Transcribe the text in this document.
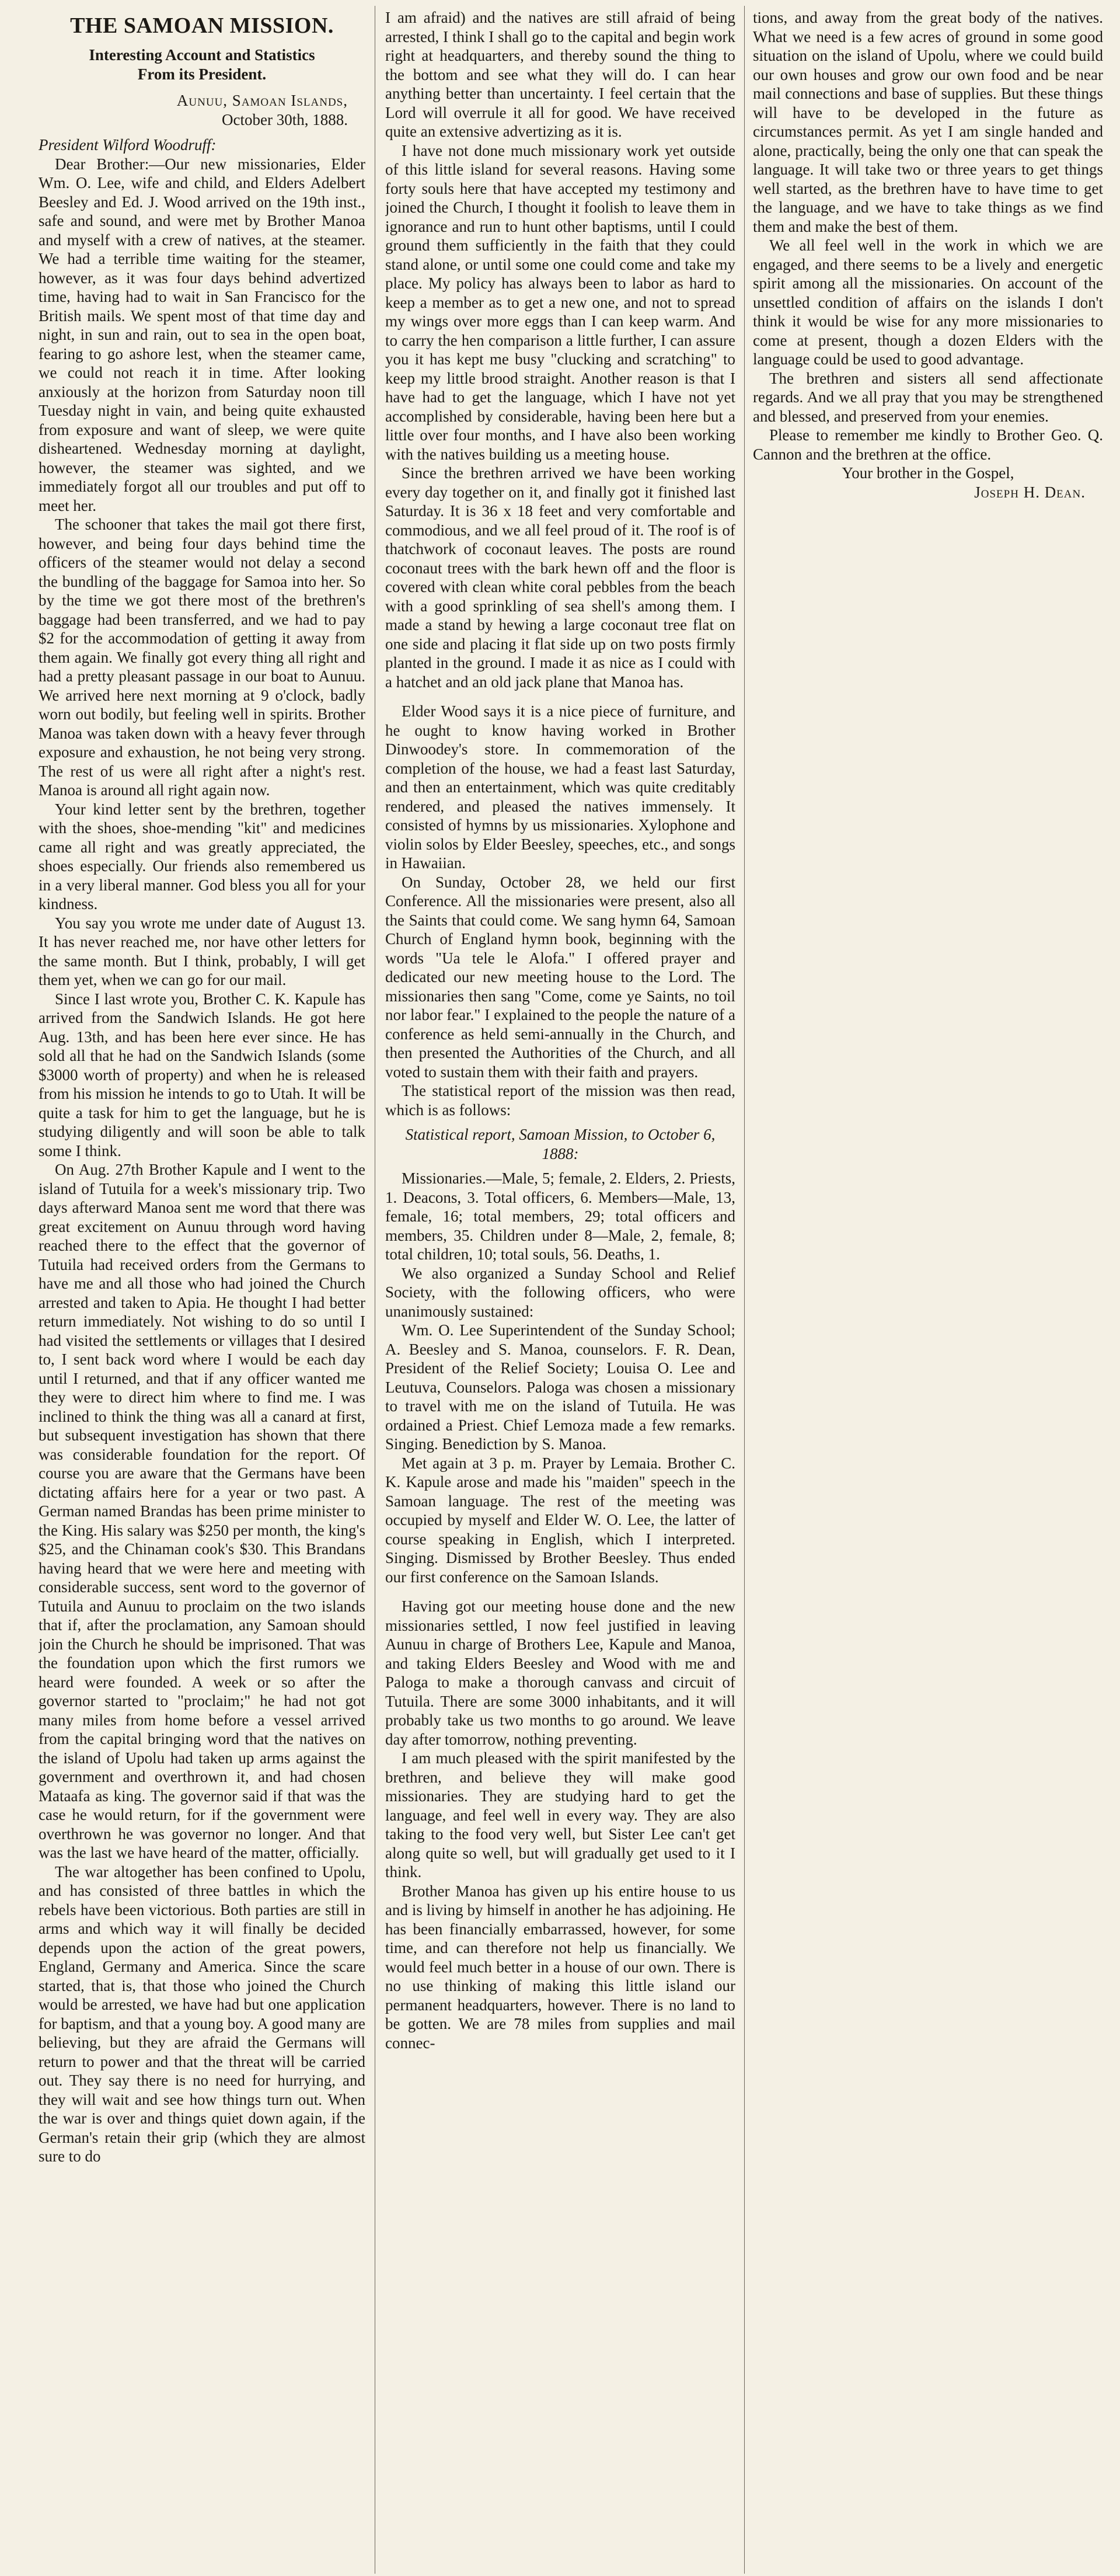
THE SAMOAN MISSION.
Interesting Account and Statistics
From its President.

Aunuu, Samoan Islands,

October 30th, 1888.

President Wilford Woodruff:

Dear Brother:—Our new missionaries, Elder Wm. O. Lee, wife and child, and Elders Adelbert Beesley and Ed. J. Wood arrived on the 19th inst., safe and sound, and were met by Brother Manoa and myself with a crew of natives, at the steamer. We had a terrible time waiting for the steamer, however, as it was four days behind advertized time, having had to wait in San Francisco for the British mails. We spent most of that time day and night, in sun and rain, out to sea in the open boat, fearing to go ashore lest, when the steamer came, we could not reach it in time. After looking anxiously at the horizon from Saturday noon till Tuesday night in vain, and being quite exhausted from exposure and want of sleep, we were quite disheartened. Wednesday morning at daylight, however, the steamer was sighted, and we immediately forgot all our troubles and put off to meet her.

The schooner that takes the mail got there first, however, and being four days behind time the officers of the steamer would not delay a second the bundling of the baggage for Samoa into her. So by the time we got there most of the brethren's baggage had been transferred, and we had to pay $2 for the accommodation of getting it away from them again. We finally got every thing all right and had a pretty pleasant passage in our boat to Aunuu. We arrived here next morning at 9 o'clock, badly worn out bodily, but feeling well in spirits. Brother Manoa was taken down with a heavy fever through exposure and exhaustion, he not being very strong. The rest of us were all right after a night's rest. Manoa is around all right again now.

Your kind letter sent by the brethren, together with the shoes, shoe-mending "kit" and medicines came all right and was greatly appreciated, the shoes especially. Our friends also remembered us in a very liberal manner. God bless you all for your kindness.

You say you wrote me under date of August 13. It has never reached me, nor have other letters for the same month. But I think, probably, I will get them yet, when we can go for our mail.

Since I last wrote you, Brother C. K. Kapule has arrived from the Sandwich Islands. He got here Aug. 13th, and has been here ever since. He has sold all that he had on the Sandwich Islands (some $3000 worth of property) and when he is released from his mission he intends to go to Utah. It will be quite a task for him to get the language, but he is studying diligently and will soon be able to talk some I think.

On Aug. 27th Brother Kapule and I went to the island of Tutuila for a week's missionary trip. Two days afterward Manoa sent me word that there was great excitement on Aunuu through word having reached there to the effect that the governor of Tutuila had received orders from the Germans to have me and all those who had joined the Church arrested and taken to Apia. He thought I had better return immediately. Not wishing to do so until I had visited the settlements or villages that I desired to, I sent back word where I would be each day until I returned, and that if any officer wanted me they were to direct him where to find me. I was inclined to think the thing was all a canard at first, but subsequent investigation has shown that there was considerable foundation for the report. Of course you are aware that the Germans have been dictating affairs here for a year or two past. A German named Brandas has been prime minister to the King. His salary was $250 per month, the king's $25, and the Chinaman cook's $30. This Brandans having heard that we were here and meeting with considerable success, sent word to the governor of Tutuila and Aunuu to proclaim on the two islands that if, after the proclamation, any Samoan should join the Church he should be imprisoned. That was the foundation upon which the first rumors we heard were founded. A week or so after the governor started to "proclaim;" he had not got many miles from home before a vessel arrived from the capital bringing word that the natives on the island of Upolu had taken up arms against the government and overthrown it, and had chosen Mataafa as king. The governor said if that was the case he would return, for if the government were overthrown he was governor no longer. And that was the last we have heard of the matter, officially.

The war altogether has been confined to Upolu, and has consisted of three battles in which the rebels have been victorious. Both parties are still in arms and which way it will finally be decided depends upon the action of the great powers, England, Germany and America. Since the scare started, that is, that those who joined the Church would be arrested, we have had but one application for baptism, and that a young boy. A good many are believing, but they are afraid the Germans will return to power and that the threat will be carried out. They say there is no need for hurrying, and they will wait and see how things turn out. When the war is over and things quiet down again, if the German's retain their grip (which they are almost sure to do

I am afraid) and the natives are still afraid of being arrested, I think I shall go to the capital and begin work right at headquarters, and thereby sound the thing to the bottom and see what they will do. I can hear anything better than uncertainty. I feel certain that the Lord will overrule it all for good. We have received quite an extensive advertizing as it is.

I have not done much missionary work yet outside of this little island for several reasons. Having some forty souls here that have accepted my testimony and joined the Church, I thought it foolish to leave them in ignorance and run to hunt other baptisms, until I could ground them sufficiently in the faith that they could stand alone, or until some one could come and take my place. My policy has always been to labor as hard to keep a member as to get a new one, and not to spread my wings over more eggs than I can keep warm. And to carry the hen comparison a little further, I can assure you it has kept me busy "clucking and scratching" to keep my little brood straight. Another reason is that I have had to get the language, which I have not yet accomplished by considerable, having been here but a little over four months, and I have also been working with the natives building us a meeting house.

Since the brethren arrived we have been working every day together on it, and finally got it finished last Saturday. It is 36 x 18 feet and very comfortable and commodious, and we all feel proud of it. The roof is of thatchwork of coconaut leaves. The posts are round coconaut trees with the bark hewn off and the floor is covered with clean white coral pebbles from the beach with a good sprinkling of sea shell's among them. I made a stand by hewing a large coconaut tree flat on one side and placing it flat side up on two posts firmly planted in the ground. I made it as nice as I could with a hatchet and an old jack plane that Manoa has.

Elder Wood says it is a nice piece of furniture, and he ought to know having worked in Brother Dinwoodey's store. In commemoration of the completion of the house, we had a feast last Saturday, and then an entertainment, which was quite creditably rendered, and pleased the natives immensely. It consisted of hymns by us missionaries. Xylophone and violin solos by Elder Beesley, speeches, etc., and songs in Hawaiian.

On Sunday, October 28, we held our first Conference. All the missionaries were present, also all the Saints that could come. We sang hymn 64, Samoan Church of England hymn book, beginning with the words "Ua tele le Alofa." I offered prayer and dedicated our new meeting house to the Lord. The missionaries then sang "Come, come ye Saints, no toil nor labor fear." I explained to the people the nature of a conference as held semi-annually in the Church, and then presented the Authorities of the Church, and all voted to sustain them with their faith and prayers.

The statistical report of the mission was then read, which is as follows:

Statistical report, Samoan Mission, to October 6, 1888:

Missionaries.—Male, 5; female, 2. Elders, 2. Priests, 1. Deacons, 3. Total officers, 6. Members—Male, 13, female, 16; total members, 29; total officers and members, 35. Children under 8—Male, 2, female, 8; total children, 10; total souls, 56. Deaths, 1.

We also organized a Sunday School and Relief Society, with the following officers, who were unanimously sustained:

Wm. O. Lee Superintendent of the Sunday School; A. Beesley and S. Manoa, counselors. F. R. Dean, President of the Relief Society; Louisa O. Lee and Leutuva, Counselors. Paloga was chosen a missionary to travel with me on the island of Tutuila. He was ordained a Priest. Chief Lemoza made a few remarks. Singing. Benediction by S. Manoa.

Met again at 3 p. m. Prayer by Lemaia. Brother C. K. Kapule arose and made his "maiden" speech in the Samoan language. The rest of the meeting was occupied by myself and Elder W. O. Lee, the latter of course speaking in English, which I interpreted. Singing. Dismissed by Brother Beesley. Thus ended our first conference on the Samoan Islands.

Having got our meeting house done and the new missionaries settled, I now feel justified in leaving Aunuu in charge of Brothers Lee, Kapule and Manoa, and taking Elders Beesley and Wood with me and Paloga to make a thorough canvass and circuit of Tutuila. There are some 3000 inhabitants, and it will probably take us two months to go around. We leave day after tomorrow, nothing preventing.

I am much pleased with the spirit manifested by the brethren, and believe they will make good missionaries. They are studying hard to get the language, and feel well in every way. They are also taking to the food very well, but Sister Lee can't get along quite so well, but will gradually get used to it I think.

Brother Manoa has given up his entire house to us and is living by himself in another he has adjoining. He has been financially embarrassed, however, for some time, and can therefore not help us financially. We would feel much better in a house of our own. There is no use thinking of making this little island our permanent headquarters, however. There is no land to be gotten. We are 78 miles from supplies and mail connec-

tions, and away from the great body of the natives. What we need is a few acres of ground in some good situation on the island of Upolu, where we could build our own houses and grow our own food and be near mail connections and base of supplies. But these things will have to be developed in the future as circumstances permit. As yet I am single handed and alone, practically, being the only one that can speak the language. It will take two or three years to get things well started, as the brethren have to have time to get the language, and we have to take things as we find them and make the best of them.

We all feel well in the work in which we are engaged, and there seems to be a lively and energetic spirit among all the missionaries. On account of the unsettled condition of affairs on the islands I don't think it would be wise for any more missionaries to come at present, though a dozen Elders with the language could be used to good advantage.

The brethren and sisters all send affectionate regards. And we all pray that you may be strengthened and blessed, and preserved from your enemies.

Please to remember me kindly to Brother Geo. Q. Cannon and the brethren at the office.

Your brother in the Gospel,

Joseph H. Dean.
